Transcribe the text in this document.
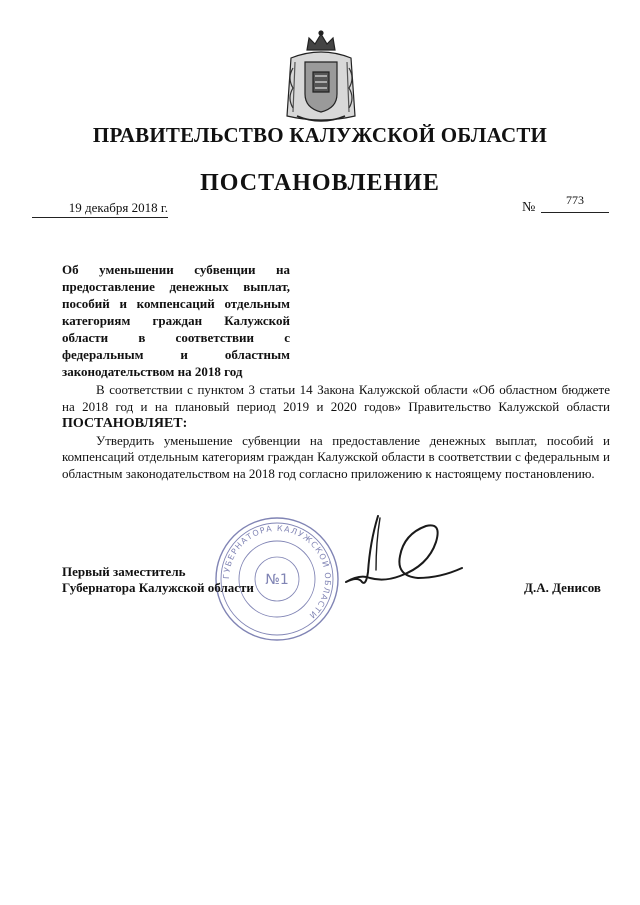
ПРАВИТЕЛЬСТВО КАЛУЖСКОЙ ОБЛАСТИ
ПОСТАНОВЛЕНИЕ
19 декабря 2018 г.	№	773
Об уменьшении субвенции на
предоставление денежных выплат,
пособий и компенсаций отдельным
категориям граждан Калужской
области в соответствии с
федеральным и областным
законодательством на 2018 год

В соответствии с пунктом 3 статьи 14 Закона Калужской области «Об областном бюджете на 2018 год и на плановый период 2019 и 2020 годов» Правительство Калужской области ПОСТАНОВЛЯЕТ:

Утвердить уменьшение субвенции на предоставление денежных выплат, пособий и компенсаций отдельным категориям граждан Калужской области в соответствии с федеральным и областным законодательством на 2018 год согласно приложению к настоящему постановлению.

ГУБЕРНАТОРА КАЛУЖСКОЙ ОБЛАСТИ
№1
Первый заместитель
Губернатора Калужской области	Д.А. Денисов
